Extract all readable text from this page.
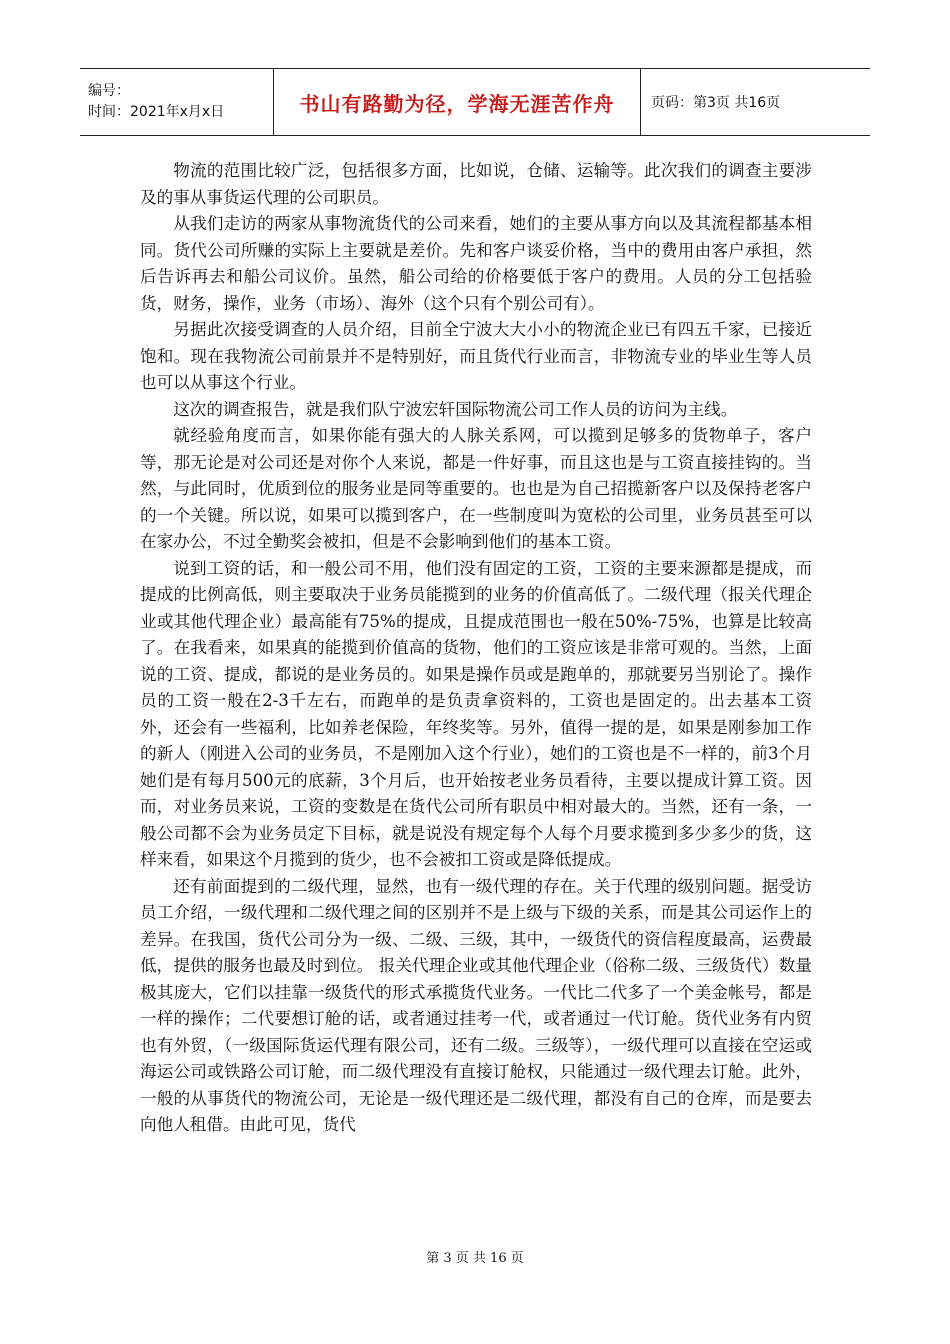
编号：
时间：2021年x月x日	书山有路勤为径，学海无涯苦作舟	页码：第3页 共16页

物流的范围比较广泛，包括很多方面，比如说，仓储、运输等。此次我们的调查主要涉及的事从事货运代理的公司职员。

从我们走访的两家从事物流货代的公司来看，她们的主要从事方向以及其流程都基本相同。货代公司所赚的实际上主要就是差价。先和客户谈妥价格，当中的费用由客户承担，然后告诉再去和船公司议价。虽然，船公司给的价格要低于客户的费用。人员的分工包括验货，财务，操作，业务（市场）、海外（这个只有个别公司有）。

另据此次接受调查的人员介绍，目前全宁波大大小小的物流企业已有四五千家，已接近饱和。现在我物流公司前景并不是特别好，而且货代行业而言，非物流专业的毕业生等人员也可以从事这个行业。

这次的调查报告，就是我们队宁波宏轩国际物流公司工作人员的访问为主线。

就经验角度而言，如果你能有强大的人脉关系网，可以揽到足够多的货物单子，客户等，那无论是对公司还是对你个人来说，都是一件好事，而且这也是与工资直接挂钩的。当然，与此同时，优质到位的服务业是同等重要的。也也是为自己招揽新客户以及保持老客户的一个关键。所以说，如果可以揽到客户，在一些制度叫为宽松的公司里，业务员甚至可以在家办公，不过全勤奖会被扣，但是不会影响到他们的基本工资。

说到工资的话，和一般公司不用，他们没有固定的工资，工资的主要来源都是提成，而提成的比例高低，则主要取决于业务员能揽到的业务的价值高低了。二级代理（报关代理企业或其他代理企业）最高能有75%的提成，且提成范围也一般在50%-75%，也算是比较高了。在我看来，如果真的能揽到价值高的货物，他们的工资应该是非常可观的。当然，上面说的工资、提成，都说的是业务员的。如果是操作员或是跑单的，那就要另当别论了。操作员的工资一般在2-3千左右，而跑单的是负责拿资料的，工资也是固定的。出去基本工资外，还会有一些福利，比如养老保险，年终奖等。另外，值得一提的是，如果是刚参加工作的新人（刚进入公司的业务员，不是刚加入这个行业），她们的工资也是不一样的，前3个月她们是有每月500元的底薪，3个月后，也开始按老业务员看待，主要以提成计算工资。因而，对业务员来说，工资的变数是在货代公司所有职员中相对最大的。当然，还有一条，一般公司都不会为业务员定下目标，就是说没有规定每个人每个月要求揽到多少多少的货，这样来看，如果这个月揽到的货少，也不会被扣工资或是降低提成。

还有前面提到的二级代理，显然，也有一级代理的存在。关于代理的级别问题。据受访员工介绍，一级代理和二级代理之间的区别并不是上级与下级的关系，而是其公司运作上的差异。在我国，货代公司分为一级、二级、三级，其中，一级货代的资信程度最高，运费最低，提供的服务也最及时到位。 报关代理企业或其他代理企业（俗称二级、三级货代）数量极其庞大，它们以挂靠一级货代的形式承揽货代业务。一代比二代多了一个美金帐号，都是一样的操作；二代要想订舱的话，或者通过挂考一代，或者通过一代订舱。货代业务有内贸也有外贸，（一级国际货运代理有限公司，还有二级。三级等），一级代理可以直接在空运或海运公司或铁路公司订舱，而二级代理没有直接订舱权，只能通过一级代理去订舱。此外，一般的从事货代的物流公司，无论是一级代理还是二级代理，都没有自己的仓库，而是要去向他人租借。由此可见，货代

第 3 页 共 16 页
